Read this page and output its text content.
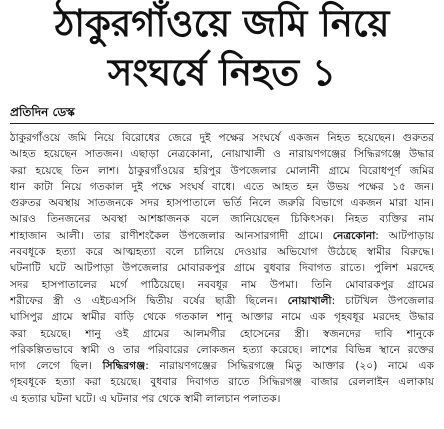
ঠাকুরগাঁওয়ে জমি নিয়ে
সংঘর্ষে নিহত ১
প্রতিদিন ডেস্ক
ঠাকুরগাঁওয়ে জমি নিয়ে বিরোধের জেরে দুই পক্ষের সংঘর্ষে একজন নিহত হয়েছেন। গুরুতর
আহত হয়েছেন সাতজন। এছাড়া নেত্রকোনা, নোয়াখালী ও নারায়ণগঞ্জের সিদ্ধিরগঞ্জে উদ্ধার
করা হয়েছে তিন লাশ। ঠাকুরগাঁওয়ের হরিপুর উপজেলার মোলানী গ্রামে বিরোধপূর্ণ জমির
ধান কাটা নিয়ে গতকাল দুই পক্ষে সংঘর্ষ বাধে। এতে আহত হন উভয় পক্ষের ১৫ জন।
গুরুতর অবস্থায় সাতজনকে সদর হাসপাতালে ভর্তি নিলে জরুরি বিভাগে একজন মারা যান।
আরও তিনজনের অবস্থা আশঙ্কাজনক বলে জানিয়েছেন চিকিৎসক। নিহত ব্যক্তির নাম
শাহাজান আলী। তার রাণীশংকৈল উপজেলার আনসারগাদী গ্রামে। নেত্রকোনা: আটপাড়ায়
নববধূকে হত্যা করে আত্মহত্যা বলে চালিয়ে দেওয়ার অভিযোগ উঠেছে স্বামীর বিরুদ্ধে।
ঘটনাটি ঘটে আটপাড়া উপজেলার মোবারকপুর গ্রামে বুধবার দিবাগত রাতে। পুলিশ মরদেহ
সদর হাসপাতালের মর্গে পাঠিয়েছে। নববধূর নাম উপমা। তিনি মোবারকপুর গ্রামের
শরীফের স্ত্রী ও এইচএসসি দ্বিতীয় বর্ষের ছাত্রী ছিলেন। নোয়াখালী: চাটখিল উপজেলার
ঘাসিপুর গ্রামে স্বামীর বাড়ি থেকে গতকাল শানু আক্তার নামে এক গৃহবধূর মরদেহ উদ্ধার
করা হয়েছে। শানু ওই গ্রামের আলমগীর হোসেনের স্ত্রী। স্বজনদের দাবি শানুকে
পরিকল্পিতভাবে স্বামী ও তার পরিবারের লোকজন হত্যা করেছে। লাশের বিভিন্ন স্থানে রক্তের
দাগ লেগে ছিল। সিদ্ধিরগঞ্জ: নারায়ণগঞ্জের সিদ্ধিরগঞ্জে মিতু আক্তার (২০) নামে এক
গৃহবধূকে হত্যা করা হয়েছে। বুধবার দিবাগত রাতে সিদ্ধিরগঞ্জ বাজার রেললাইন এলাকায়
এ হত্যার ঘটনা ঘটে। এ ঘটনার পর থেকে স্বামী লালচান পলাতক।
